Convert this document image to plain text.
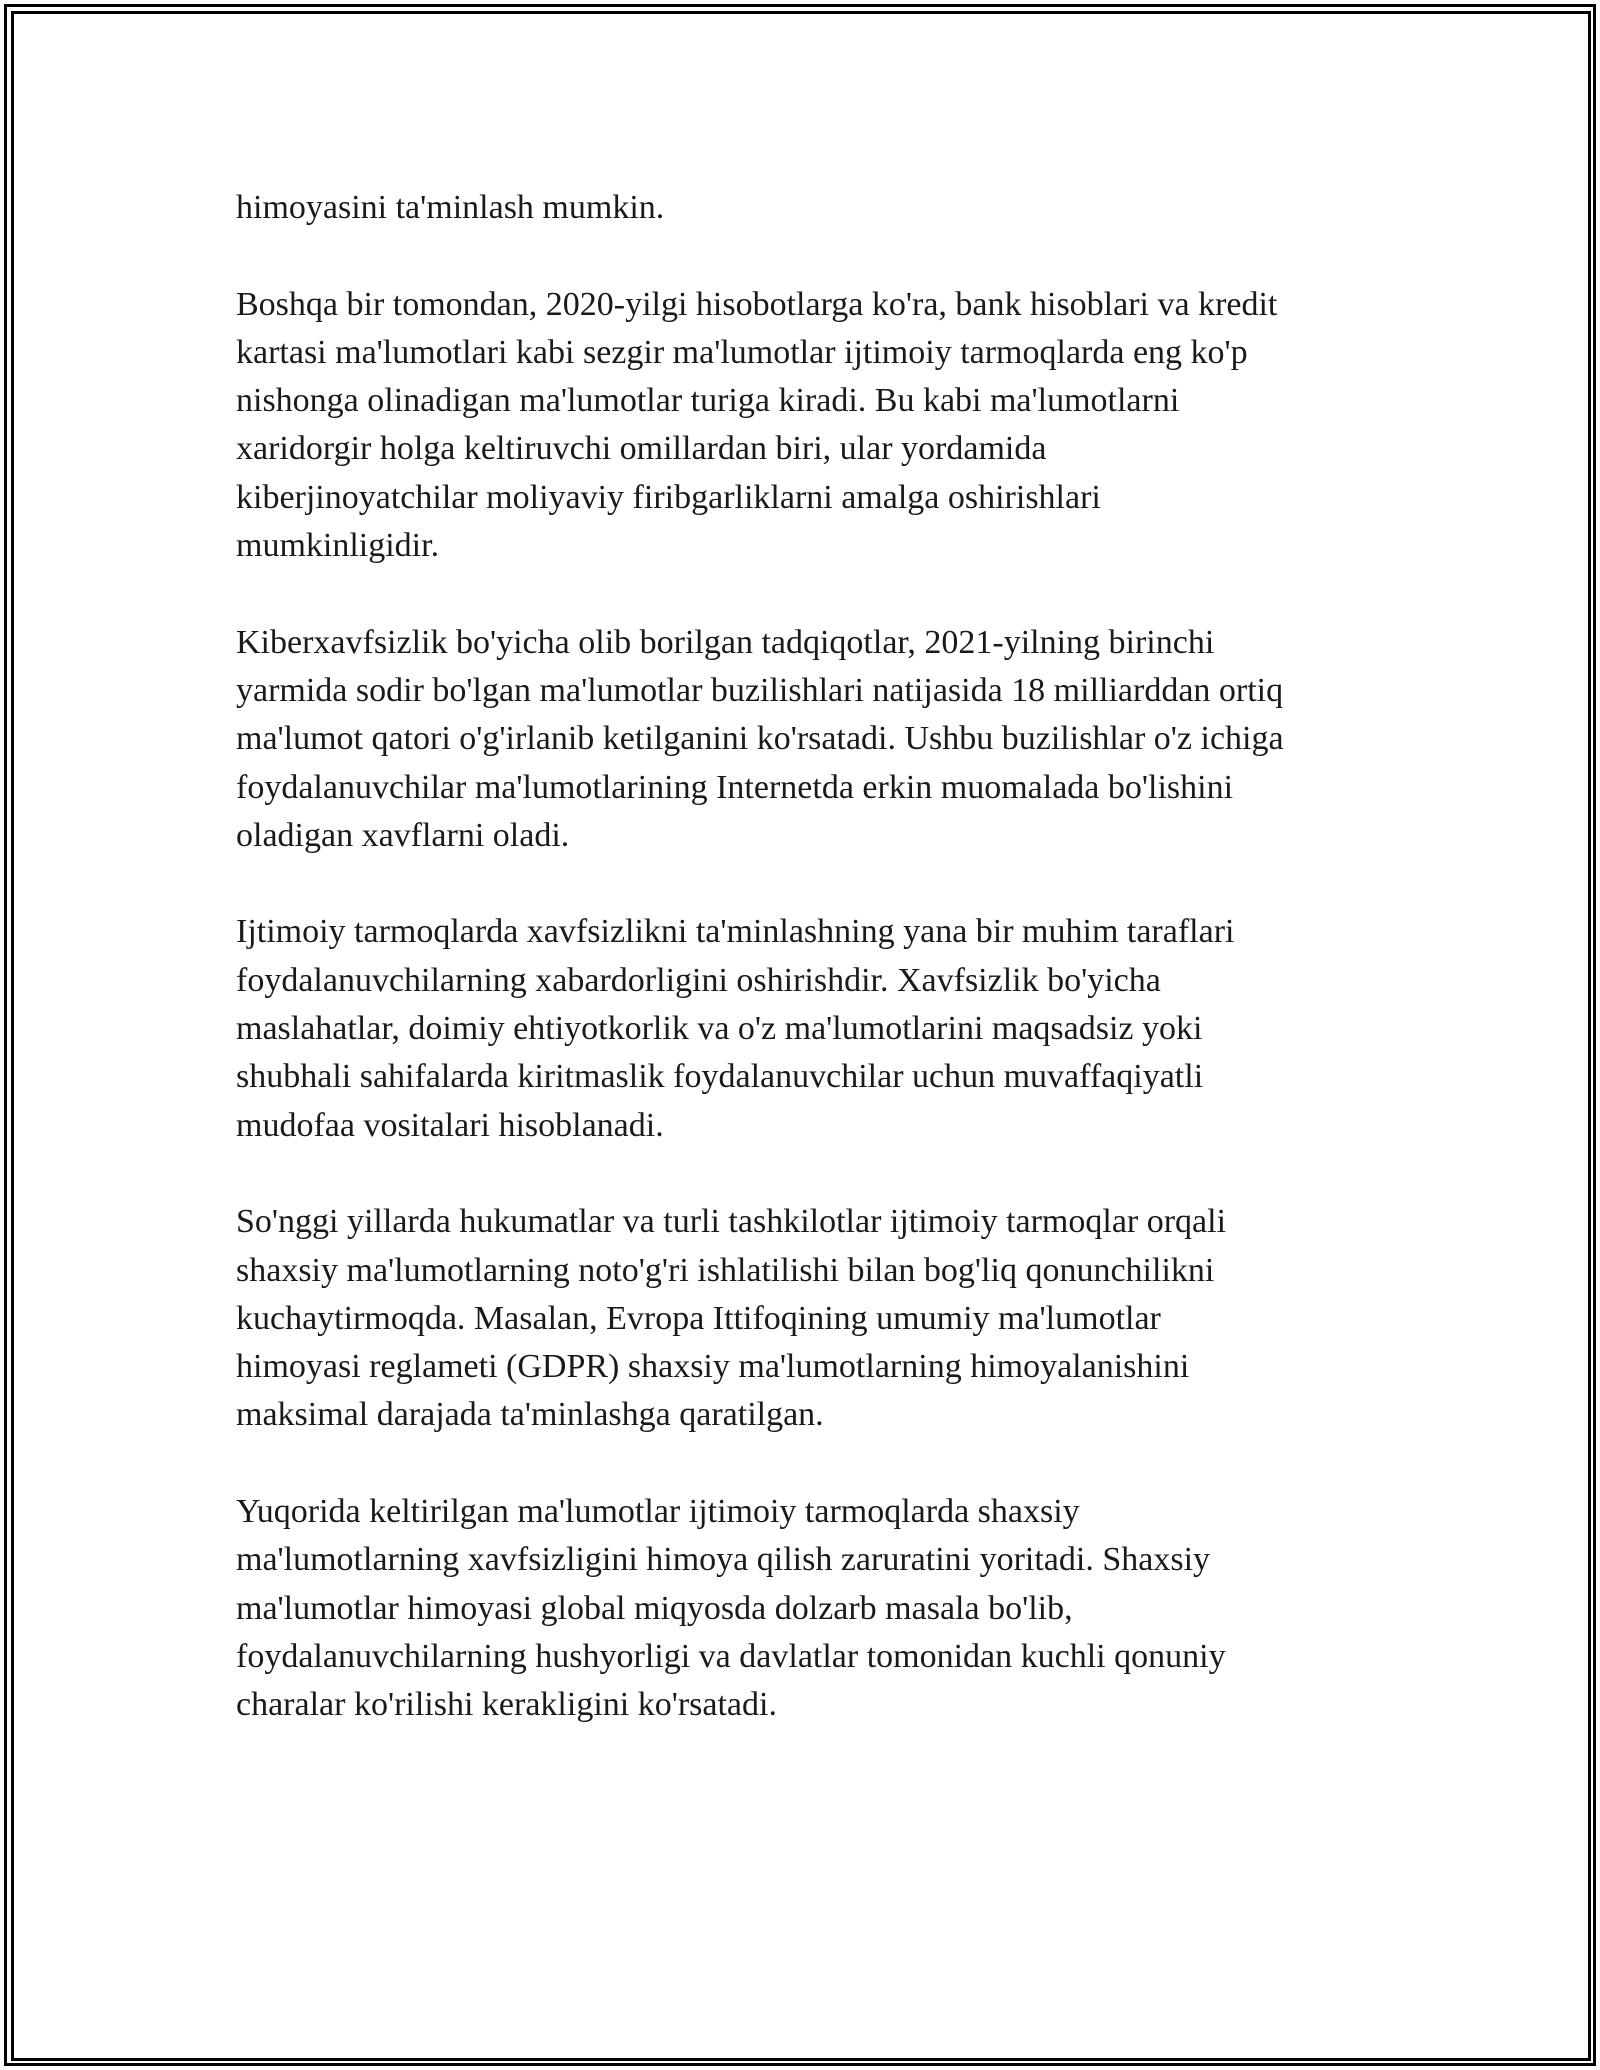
himoyasini ta'minlash mumkin.

Boshqa bir tomondan, 2020-yilgi hisobotlarga ko'ra, bank hisoblari va kredit
kartasi ma'lumotlari kabi sezgir ma'lumotlar ijtimoiy tarmoqlarda eng ko'p
nishonga olinadigan ma'lumotlar turiga kiradi. Bu kabi ma'lumotlarni
xaridorgir holga keltiruvchi omillardan biri, ular yordamida
kiberjinoyatchilar moliyaviy firibgarliklarni amalga oshirishlari
mumkinligidir.

Kiberxavfsizlik bo'yicha olib borilgan tadqiqotlar, 2021-yilning birinchi
yarmida sodir bo'lgan ma'lumotlar buzilishlari natijasida 18 milliarddan ortiq
ma'lumot qatori o'g'irlanib ketilganini ko'rsatadi. Ushbu buzilishlar o'z ichiga
foydalanuvchilar ma'lumotlarining Internetda erkin muomalada bo'lishini
oladigan xavflarni oladi.

Ijtimoiy tarmoqlarda xavfsizlikni ta'minlashning yana bir muhim taraflari
foydalanuvchilarning xabardorligini oshirishdir. Xavfsizlik bo'yicha
maslahatlar, doimiy ehtiyotkorlik va o'z ma'lumotlarini maqsadsiz yoki
shubhali sahifalarda kiritmaslik foydalanuvchilar uchun muvaffaqiyatli
mudofaa vositalari hisoblanadi.

So'nggi yillarda hukumatlar va turli tashkilotlar ijtimoiy tarmoqlar orqali
shaxsiy ma'lumotlarning noto'g'ri ishlatilishi bilan bog'liq qonunchilikni
kuchaytirmoqda. Masalan, Evropa Ittifoqining umumiy ma'lumotlar
himoyasi reglameti (GDPR) shaxsiy ma'lumotlarning himoyalanishini
maksimal darajada ta'minlashga qaratilgan.

Yuqorida keltirilgan ma'lumotlar ijtimoiy tarmoqlarda shaxsiy
ma'lumotlarning xavfsizligini himoya qilish zaruratini yoritadi. Shaxsiy
ma'lumotlar himoyasi global miqyosda dolzarb masala bo'lib,
foydalanuvchilarning hushyorligi va davlatlar tomonidan kuchli qonuniy
charalar ko'rilishi kerakligini ko'rsatadi.
